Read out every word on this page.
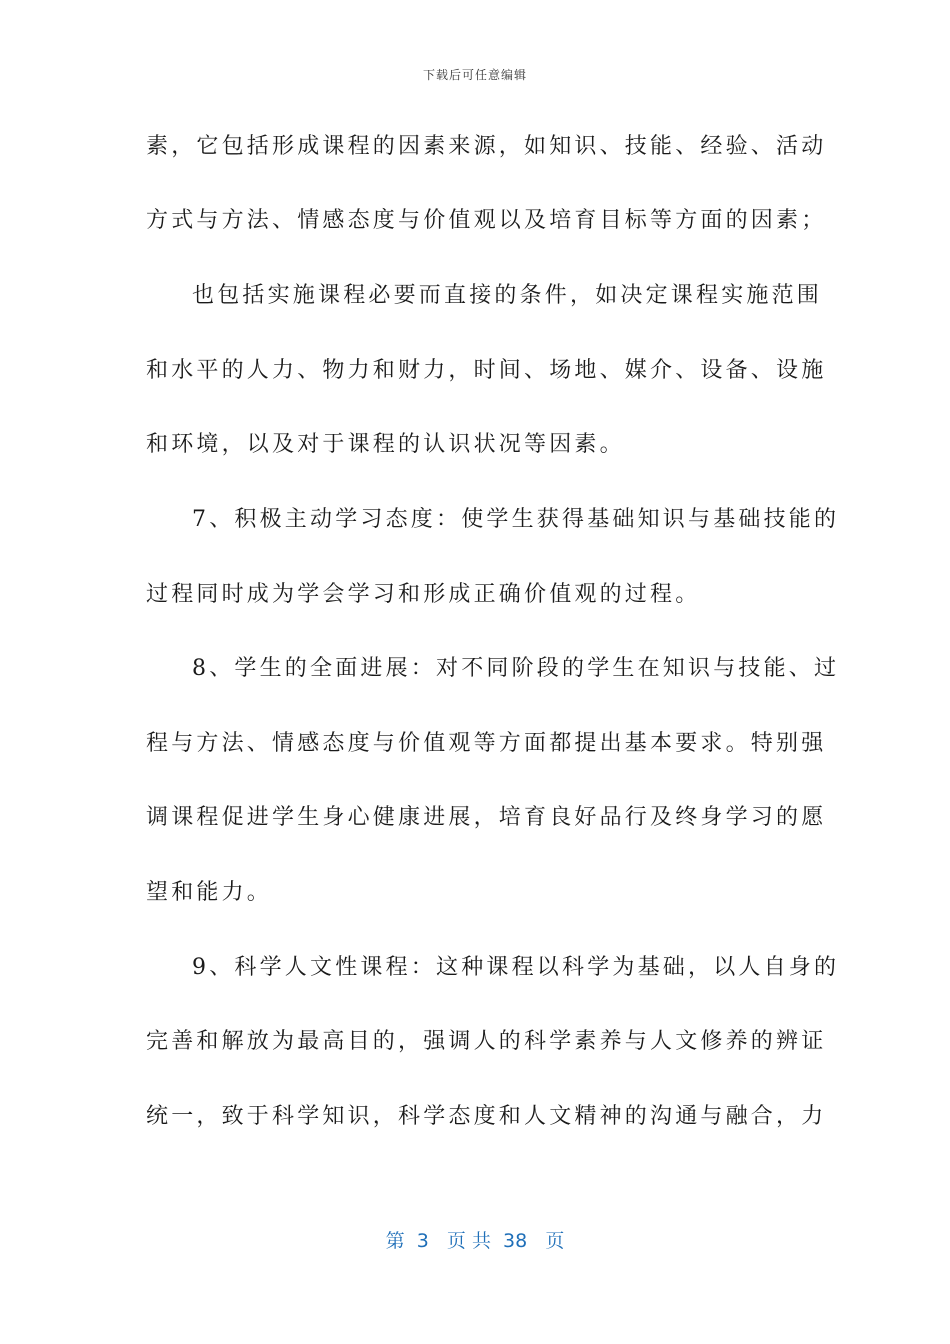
下载后可任意编辑
素，它包括形成课程的因素来源，如知识、技能、经验、活动
方式与方法、情感态度与价值观以及培育目标等方面的因素；
也包括实施课程必要而直接的条件，如决定课程实施范围
和水平的人力、物力和财力，时间、场地、媒介、设备、设施
和环境，以及对于课程的认识状况等因素。
7、积极主动学习态度：使学生获得基础知识与基础技能的
过程同时成为学会学习和形成正确价值观的过程。
8、学生的全面进展：对不同阶段的学生在知识与技能、过
程与方法、情感态度与价值观等方面都提出基本要求。特别强
调课程促进学生身心健康进展，培育良好品行及终身学习的愿
望和能力。
9、科学人文性课程：这种课程以科学为基础，以人自身的
完善和解放为最高目的，强调人的科学素养与人文修养的辨证
统一，致于科学知识，科学态度和人文精神的沟通与融合，力
第  3   页 共  38   页
